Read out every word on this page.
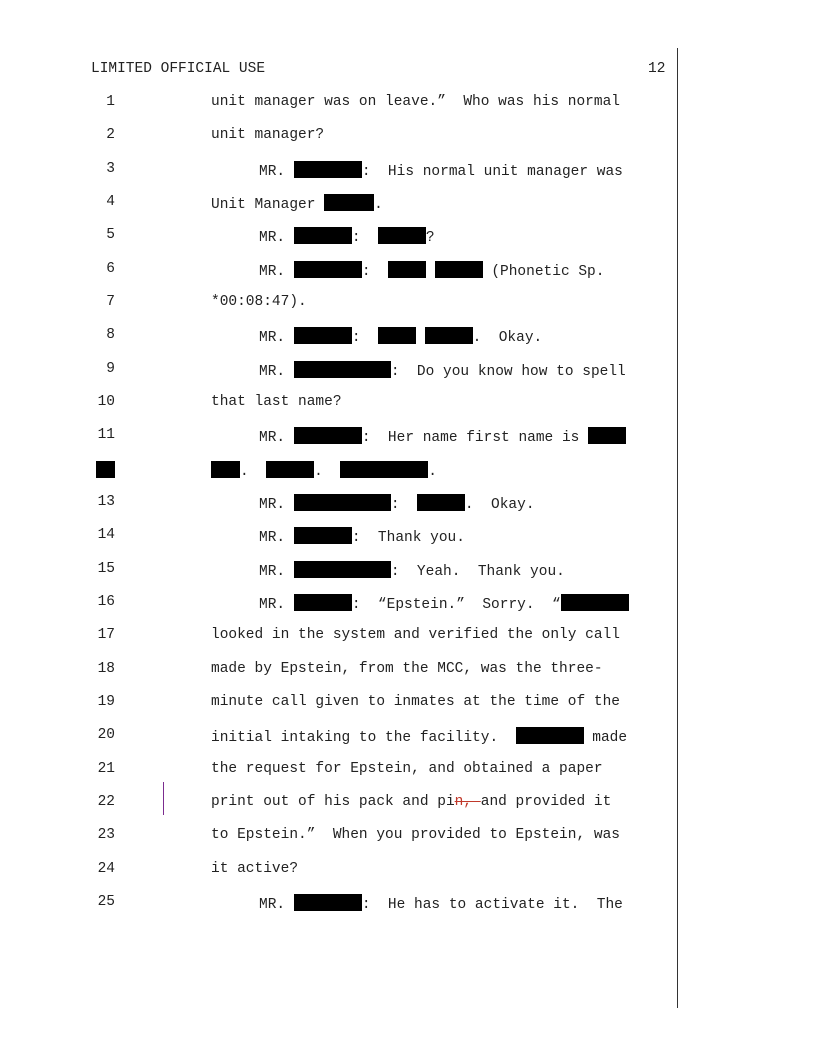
LIMITED OFFICIAL USE	12
1	unit manager was on leave.”  Who was his normal
2	unit manager?
3	MR.	:  His normal unit manager was
4	Unit Manager	.
5	MR.	:	?
6	MR.	:	(Phonetic Sp.
7	*00:08:47).
8	MR.	:	.  Okay.
9	MR.	:  Do you know how to spell
10	that last name?
11	MR.	:  Her name first name is
.	.	.
13	MR.	:	.  Okay.
14	MR.	:  Thank you.
15	MR.	:  Yeah.  Thank you.
16	MR.	:  “Epstein.”  Sorry.  “
17	looked in the system and verified the only call
18	made by Epstein, from the MCC, was the three-
19	minute call given to inmates at the time of the
20	initial intaking to the facility.	made
21	the request for Epstein, and obtained a paper
22	print out of his pack and pin, and provided it
23	to Epstein.”  When you provided to Epstein, was
24	it active?
25	MR.	:  He has to activate it.  The
